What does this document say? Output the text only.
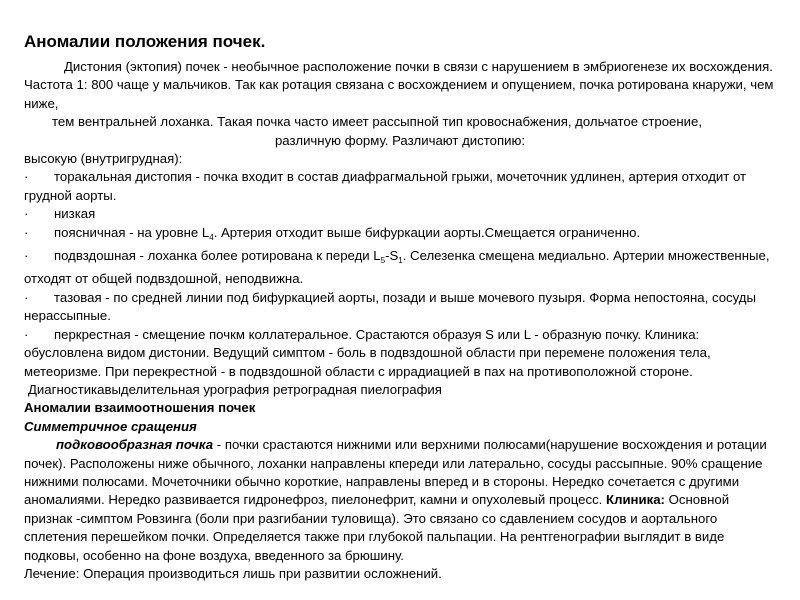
Аномалии положения почек.

Дистония (эктопия) почек - необычное расположение почки в связи с нарушением в эмбриогенезе их восхождения. Частота 1: 800 чаще у мальчиков. Так как ротация связана с восхождением и опущением, почка ротирована кнаружи, чем ниже,

тем вентральней лоханка. Такая почка часто имеет рассыпной тип кровоснабжения, дольчатое строение,

различную форму. Различают дистопию:

высокую (внутригрудная):

· торакальная дистопия - почка входит в состав диафрагмальной грыжи, мочеточник удлинен, артерия отходит от грудной аорты.
· низкая
· поясничная - на уровне $L_4$. Артерия отходит выше бифуркации аорты.Смещается ограниченно.
· подвздошная - лоханка более ротирована к переди $L_5-S_1$. Селезенка смещена медиально. Артерии множественные, отходят от общей подвздошной, неподвижна.
· тазовая - по средней линии под бифуркацией аорты, позади и выше мочевого пузыря. Форма непостояна, сосуды нерассыпные.
· перкрестная - смещение почкм коллатеральное. Срастаются образуя S или L - образную почку. Клиника: обусловлена видом дистонии. Ведущий симптом - боль в подвздошной области при перемене положения тела, метеоризме. При перекрестной - в подвздошной области с иррадиацией в пах на противоположной стороне.

Диагностикавыделительная урография ретроградная пиелография

Аномалии взаимоотношения почек

Симметричное сращения

подковообразная почка - почки срастаются нижними или верхними полюсами(нарушение восхождения и ротации почек). Расположены ниже обычного, лоханки направлены кпереди или латерально, сосуды рассыпные. 90% сращение нижними полюсами. Мочеточники обычно короткие, направлены вперед и в стороны. Нередко сочетается с другими аномалиями. Нередко развивается гидронефроз, пиелонефрит, камни и опухолевый процесс. Клиника: Основной признак -симптом Ровзинга (боли при разгибании туловища). Это связано со сдавлением сосудов и аортального сплетения перешейком почки. Определяется также при глубокой пальпации. На рентгенографии выглядит в виде подковы, особенно на фоне воздуха, введенного за брюшину.

Лечение: Операция производиться лишь при развитии осложнений.
